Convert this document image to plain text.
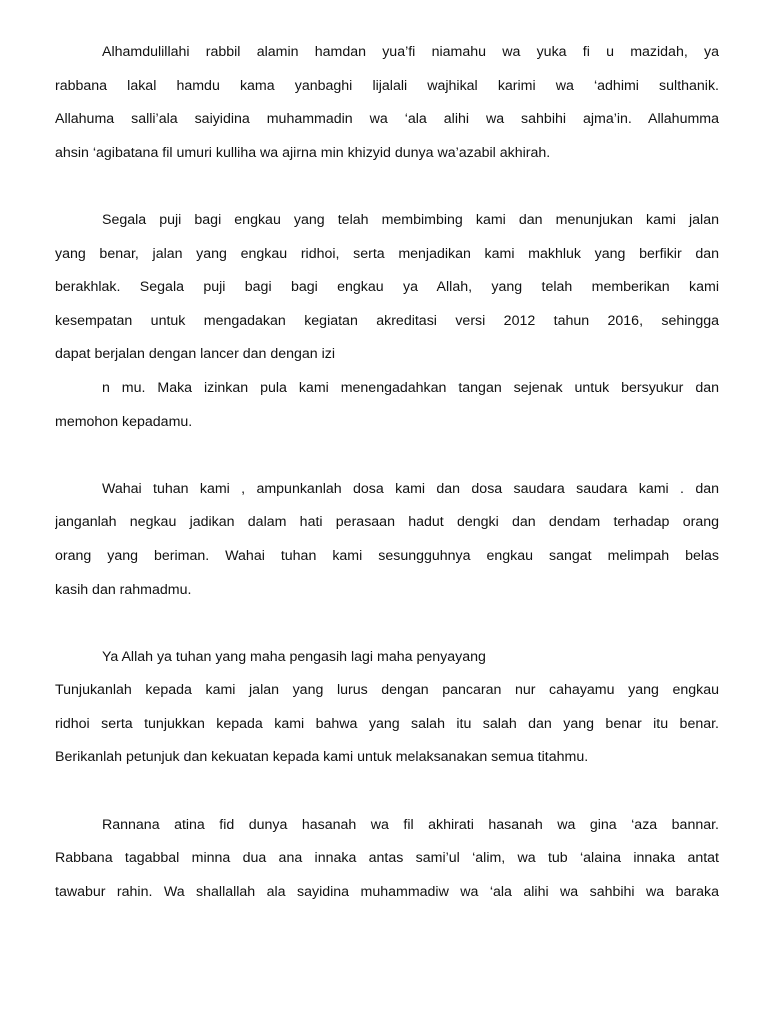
Alhamdulillahi rabbil alamin hamdan yua’fi niamahu wa yuka fi u mazidah, ya
rabbana lakal hamdu kama yanbaghi lijalali wajhikal karimi wa ‘adhimi sulthanik.
Allahuma salli’ala saiyidina muhammadin wa ‘ala alihi wa sahbihi ajma’in. Allahumma
ahsin ‘agibatana fil umuri kulliha wa ajirna min khizyid dunya wa’azabil akhirah.
Segala puji bagi engkau yang telah membimbing kami dan menunjukan kami jalan
yang benar, jalan yang engkau ridhoi, serta menjadikan kami makhluk yang berfikir dan
berakhlak. Segala puji bagi bagi engkau ya Allah, yang telah memberikan kami
kesempatan untuk mengadakan kegiatan akreditasi versi 2012 tahun 2016, sehingga
dapat berjalan dengan lancer dan dengan izi
n mu. Maka izinkan pula kami menengadahkan tangan sejenak untuk bersyukur dan
memohon kepadamu.
Wahai tuhan kami , ampunkanlah dosa kami dan dosa saudara saudara kami . dan
janganlah negkau jadikan dalam hati perasaan hadut dengki dan dendam terhadap orang
orang yang beriman. Wahai tuhan kami sesungguhnya engkau sangat melimpah belas
kasih dan rahmadmu.
Ya Allah ya tuhan yang maha pengasih lagi maha penyayang
Tunjukanlah kepada kami jalan yang lurus dengan pancaran nur cahayamu yang engkau
ridhoi serta tunjukkan kepada kami bahwa yang salah itu salah dan yang benar itu benar.
Berikanlah petunjuk dan kekuatan kepada kami untuk melaksanakan semua titahmu.
Rannana atina fid dunya hasanah wa fil akhirati hasanah wa gina ‘aza bannar.
Rabbana tagabbal minna dua ana innaka antas sami’ul ‘alim, wa tub ‘alaina innaka antat
tawabur rahin. Wa shallallah ala sayidina muhammadiw wa ‘ala alihi wa sahbihi wa baraka
